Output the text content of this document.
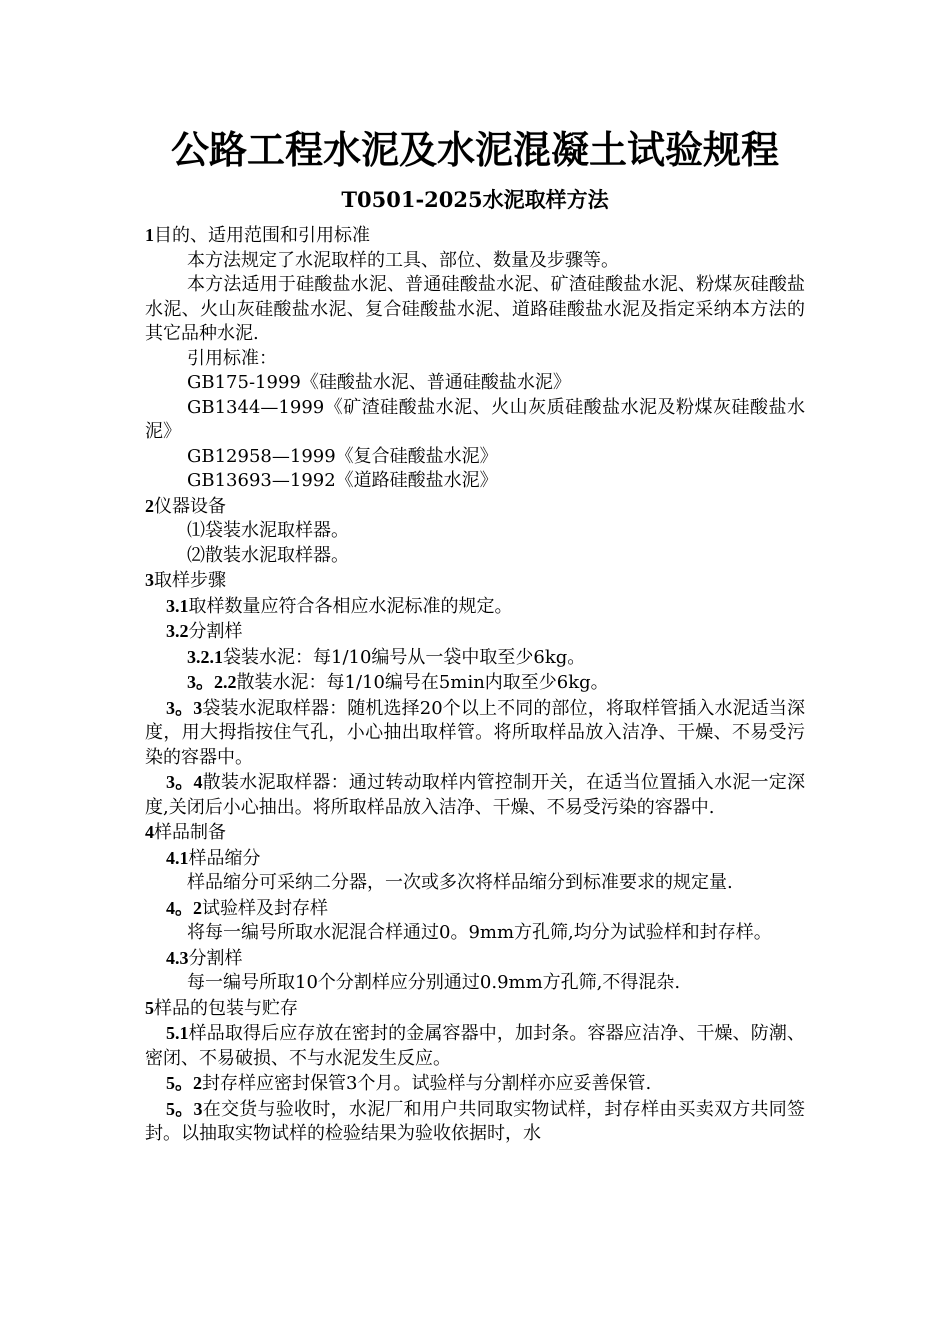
公路工程水泥及水泥混凝土试验规程
T0501-2025水泥取样方法

1目的、适用范围和引用标准

本方法规定了水泥取样的工具、部位、数量及步骤等。

本方法适用于硅酸盐水泥、普通硅酸盐水泥、矿渣硅酸盐水泥、粉煤灰硅酸盐水泥、火山灰硅酸盐水泥、复合硅酸盐水泥、道路硅酸盐水泥及指定采纳本方法的其它品种水泥.

引用标准：

GB175-1999《硅酸盐水泥、普通硅酸盐水泥》

GB1344—1999《矿渣硅酸盐水泥、火山灰质硅酸盐水泥及粉煤灰硅酸盐水泥》

GB12958—1999《复合硅酸盐水泥》

GB13693—1992《道路硅酸盐水泥》

2仪器设备

⑴袋装水泥取样器。

⑵散装水泥取样器。

3取样步骤

3.1取样数量应符合各相应水泥标准的规定。

3.2分割样

3.2.1袋装水泥：每1/10编号从一袋中取至少6kg。

3。2.2散装水泥：每1/10编号在5min内取至少6kg。

3。3袋装水泥取样器：随机选择20个以上不同的部位，将取样管插入水泥适当深度，用大拇指按住气孔，小心抽出取样管。将所取样品放入洁净、干燥、不易受污染的容器中。

3。4散装水泥取样器：通过转动取样内管控制开关，在适当位置插入水泥一定深度,关闭后小心抽出。将所取样品放入洁净、干燥、不易受污染的容器中.

4样品制备

4.1样品缩分

样品缩分可采纳二分器，一次或多次将样品缩分到标准要求的规定量.

4。2试验样及封存样

将每一编号所取水泥混合样通过0。9mm方孔筛,均分为试验样和封存样。

4.3分割样

每一编号所取10个分割样应分别通过0.9mm方孔筛,不得混杂.

5样品的包装与贮存

5.1样品取得后应存放在密封的金属容器中，加封条。容器应洁净、干燥、防潮、密闭、不易破损、不与水泥发生反应。

5。2封存样应密封保管3个月。试验样与分割样亦应妥善保管.

5。3在交货与验收时，水泥厂和用户共同取实物试样，封存样由买卖双方共同签封。以抽取实物试样的检验结果为验收依据时，水
